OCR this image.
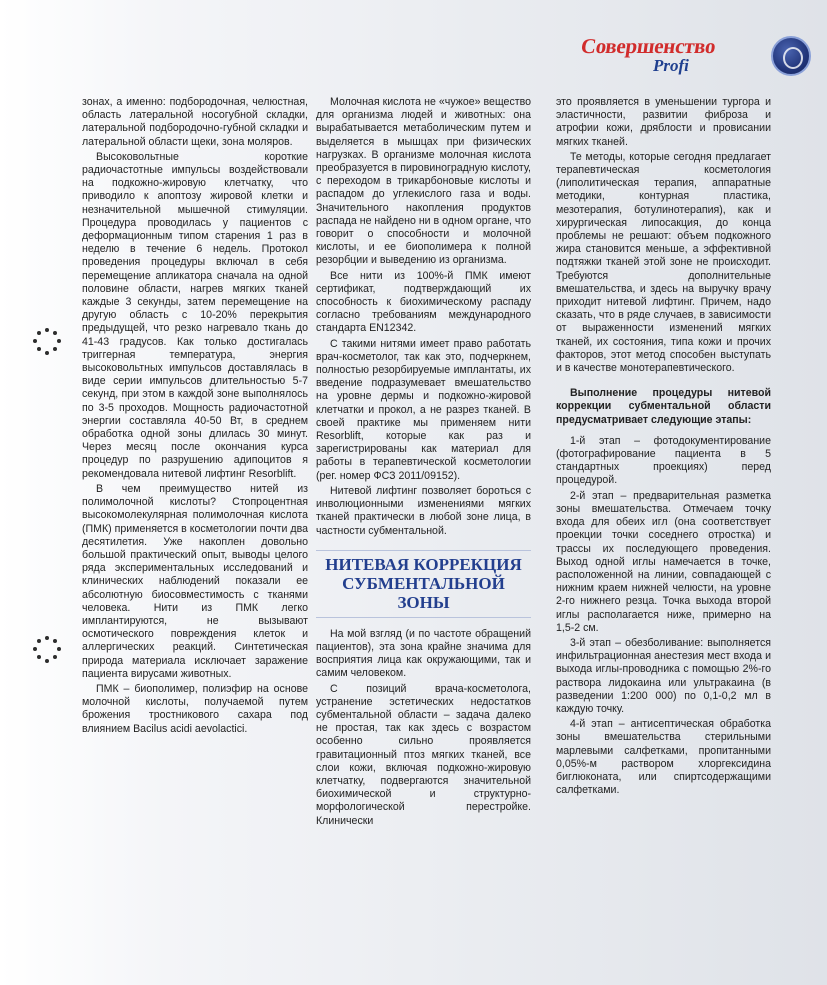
Совершенство
Profi

зонах, а именно: подбородочная, челюстная, область латеральной носогубной складки, латеральной подбородочно-губной складки и латеральной области щеки, зона моляров.

Высоковольтные короткие радиочастотные импульсы воздействовали на подкожно-жировую клетчатку, что приводило к апоптозу жировой клетки и незначительной мышечной стимуляции. Процедура проводилась у пациентов с деформационным типом старения 1 раз в неделю в течение 6 недель. Протокол проведения процедуры включал в себя перемещение апликатора сначала на одной половине области, нагрев мягких тканей каждые 3 секунды, затем перемещение на другую область с 10-20% перекрытия предыдущей, что резко нагревало ткань до 41-43 градусов. Как только достигалась триггерная температура, энергия высоковольтных импульсов доставлялась в виде серии импульсов длительностью 5-7 секунд, при этом в каждой зоне выполнялось по 3-5 проходов. Мощность радиочастотной энергии составляла 40-50 Вт, в среднем обработка одной зоны длилась 30 минут. Через месяц после окончания курса процедур по разрушению адипоцитов я рекомендовала нитевой лифтинг Resorblift.

В чем преимущество нитей из полимолочной кислоты? Стопроцентная высокомолекулярная полимолочная кислота (ПМК) применяется в косметологии почти два десятилетия. Уже накоплен довольно большой практический опыт, выводы целого ряда экспериментальных исследований и клинических наблюдений показали ее абсолютную биосовместимость с тканями человека. Нити из ПМК легко имплантируются, не вызывают осмотического повреждения клеток и аллергических реакций. Синтетическая природа материала исключает заражение пациента вирусами животных.

ПМК – биополимер, полиэфир на основе молочной кислоты, получаемой путем брожения тростникового сахара под влиянием Bacilus acidi aevolactici.

Молочная кислота не «чужое» вещество для организма людей и животных: она вырабатывается метаболическим путем и выделяется в мышцах при физических нагрузках. В организме молочная кислота преобразуется в пировиноградную кислоту, с переходом в трикарбоновые кислоты и распадом до углекислого газа и воды. Значительного накопления продуктов распада не найдено ни в одном органе, что говорит о способности и молочной кислоты, и ее биополимера к полной резорбции и выведению из организма.

Все нити из 100%-й ПМК имеют сертификат, подтверждающий их способность к биохимическому распаду согласно требованиям международного стандарта EN12342.

С такими нитями имеет право работать врач-косметолог, так как это, подчеркнем, полностью резорбируемые имплантаты, их введение подразумевает вмешательство на уровне дермы и подкожно-жировой клетчатки и прокол, а не разрез тканей. В своей практике мы применяем нити Resorblift, которые как раз и зарегистрированы как материал для работы в терапевтической косметологии (рег. номер ФСЗ 2011/09152).

Нитевой лифтинг позволяет бороться с инволюционными изменениями мягких тканей практически в любой зоне лица, в частности субментальной.

НИТЕВАЯ КОРРЕКЦИЯ СУБМЕНТАЛЬНОЙ ЗОНЫ

На мой взгляд (и по частоте обращений пациентов), эта зона крайне значима для восприятия лица как окружающими, так и самим человеком.

С позиций врача-косметолога, устранение эстетических недостатков субментальной области – задача далеко не простая, так как здесь с возрастом особенно сильно проявляется гравитационный птоз мягких тканей, все слои кожи, включая подкожно-жировую клетчатку, подвергаются значительной биохимической и структурно-морфологической перестройке. Клинически

это проявляется в уменьшении тургора и эластичности, развитии фиброза и атрофии кожи, дряблости и провисании мягких тканей.

Те методы, которые сегодня предлагает терапевтическая косметология (липолитическая терапия, аппаратные методики, контурная пластика, мезотерапия, ботулинотерапия), как и хирургическая липосакция, до конца проблемы не решают: объем подкожного жира становится меньше, а эффективной подтяжки тканей этой зоне не происходит. Требуются дополнительные вмешательства, и здесь на выручку врачу приходит нитевой лифтинг. Причем, надо сказать, что в ряде случаев, в зависимости от выраженности изменений мягких тканей, их состояния, типа кожи и прочих факторов, этот метод способен выступать и в качестве монотерапевтического.

Выполнение процедуры нитевой коррекции субментальной области предусматривает следующие этапы:

1-й этап – фотодокументирование (фотографирование пациента в 5 стандартных проекциях) перед процедурой.

2-й этап – предварительная разметка зоны вмешательства. Отмечаем точку входа для обеих игл (она соответствует проекции точки соседнего отростка) и трассы их последующего проведения. Выход одной иглы намечается в точке, расположенной на линии, совпадающей с нижним краем нижней челюсти, на уровне 2-го нижнего резца. Точка выхода второй иглы располагается ниже, примерно на 1,5-2 см.

3-й этап – обезболивание: выполняется инфильтрационная анестезия мест входа и выхода иглы-проводника с помощью 2%-го раствора лидокаина или ультракаина (в разведении 1:200 000) по 0,1-0,2 мл в каждую точку.

4-й этап – антисептическая обработка зоны вмешательства стерильными марлевыми салфетками, пропитанными 0,05%-м раствором хлоргексидина биглюконата, или спиртсодержащими салфетками.
